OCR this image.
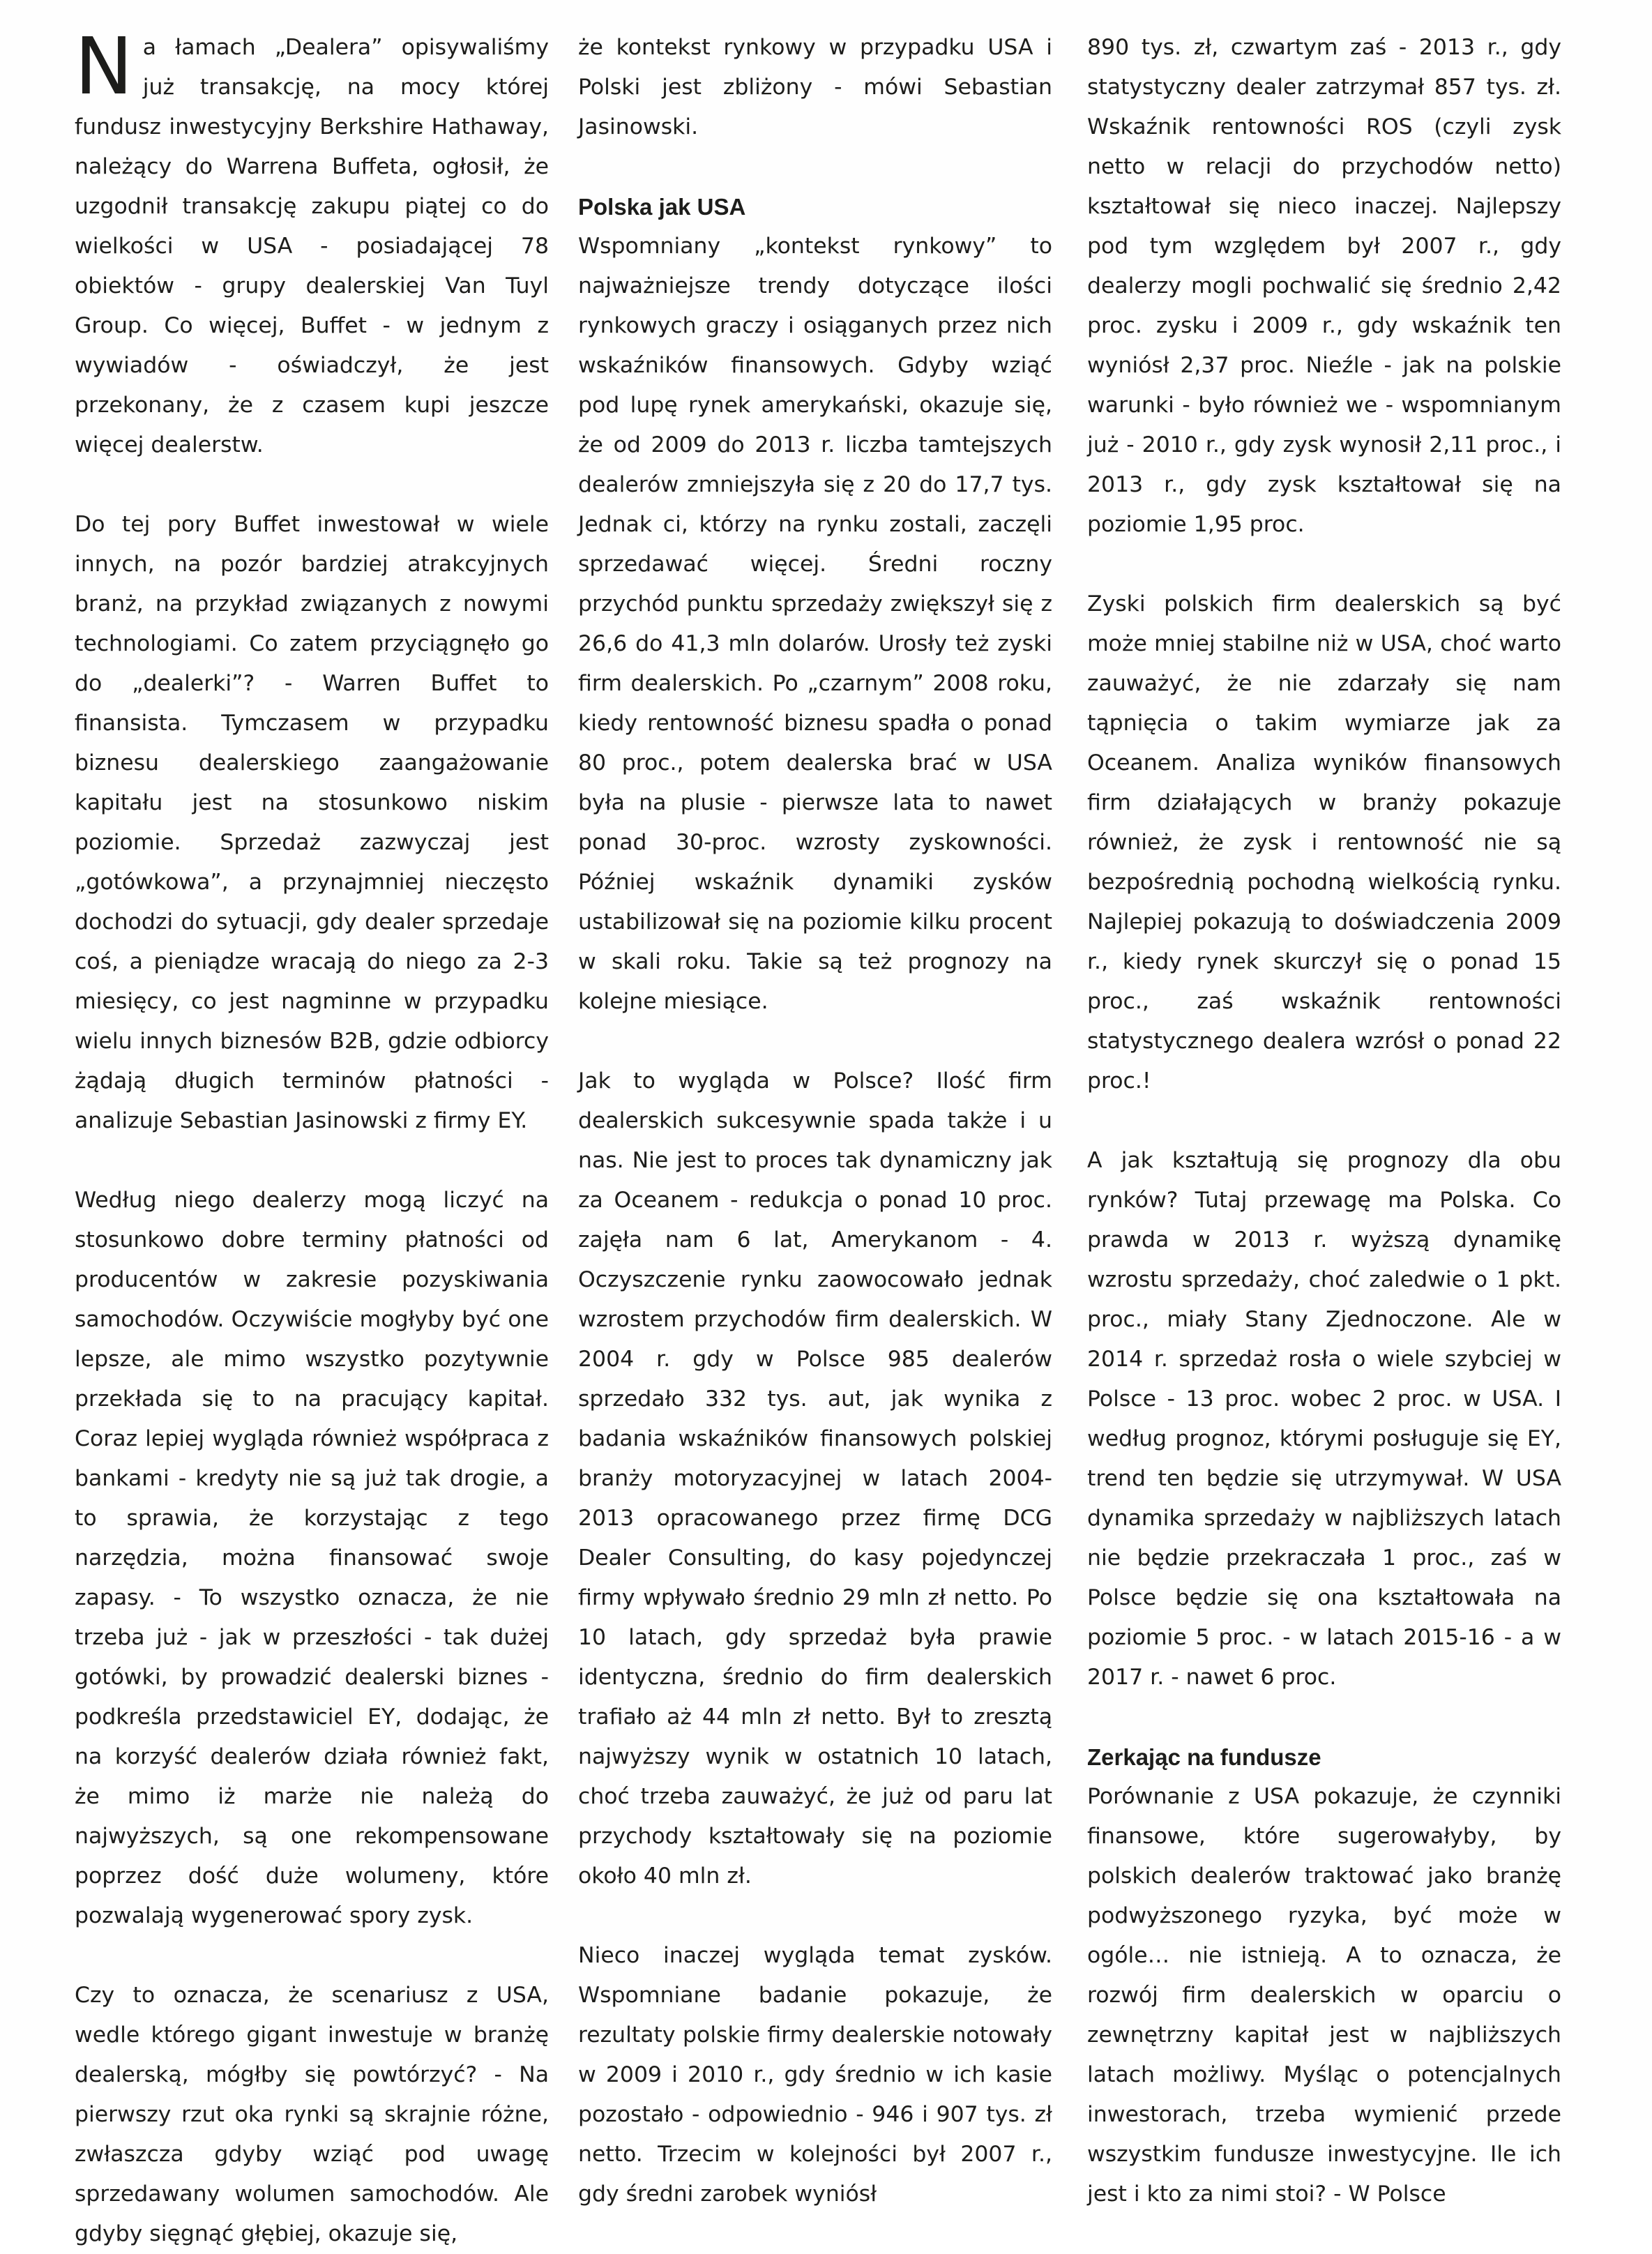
Na łamach „Dealera” opisywaliśmy już transakcję, na mocy której fundusz inwestycyjny Berkshire Hathaway, należący do Warrena Buffeta, ogłosił, że uzgodnił transakcję zakupu piątej co do wielkości w USA - posiadającej 78 obiektów - grupy dealerskiej Van Tuyl Group. Co więcej, Buffet - w jednym z wywiadów - oświadczył, że jest przekonany, że z czasem kupi jeszcze więcej dealerstw.

Do tej pory Buffet inwestował w wiele innych, na pozór bardziej atrakcyjnych branż, na przykład związanych z nowymi technologiami. Co zatem przyciągnęło go do „dealerki”? - Warren Buffet to finansista. Tymczasem w przypadku biznesu dealerskiego zaangażowanie kapitału jest na stosunkowo niskim poziomie. Sprzedaż zazwyczaj jest „gotówkowa”, a przynajmniej nieczęsto dochodzi do sytuacji, gdy dealer sprzedaje coś, a pieniądze wracają do niego za 2-3 miesięcy, co jest nagminne w przypadku wielu innych biznesów B2B, gdzie odbiorcy żądają długich terminów płatności - analizuje Sebastian Jasinowski z firmy EY.

Według niego dealerzy mogą liczyć na stosunkowo dobre terminy płatności od producentów w zakresie pozyskiwania samochodów. Oczywiście mogłyby być one lepsze, ale mimo wszystko pozytywnie przekłada się to na pracujący kapitał. Coraz lepiej wygląda również współpraca z bankami - kredyty nie są już tak drogie, a to sprawia, że korzystając z tego narzędzia, można finansować swoje zapasy. - To wszystko oznacza, że nie trzeba już - jak w przeszłości - tak dużej gotówki, by prowadzić dealerski biznes - podkreśla przedstawiciel EY, dodając, że na korzyść dealerów działa również fakt, że mimo iż marże nie należą do najwyższych, są one rekompensowane poprzez dość duże wolumeny, które pozwalają wygenerować spory zysk.

Czy to oznacza, że scenariusz z USA, wedle którego gigant inwestuje w branżę dealerską, mógłby się powtórzyć? - Na pierwszy rzut oka rynki są skrajnie różne, zwłaszcza gdyby wziąć pod uwagę sprzedawany wolumen samochodów. Ale gdyby sięgnąć głębiej, okazuje się,

że kontekst rynkowy w przypadku USA i Polski jest zbliżony - mówi Sebastian Jasinowski.

Polska jak USA

Wspomniany „kontekst rynkowy” to najważniejsze trendy dotyczące ilości rynkowych graczy i osiąganych przez nich wskaźników finansowych. Gdyby wziąć pod lupę rynek amerykański, okazuje się, że od 2009 do 2013 r. liczba tamtejszych dealerów zmniejszyła się z 20 do 17,7 tys. Jednak ci, którzy na rynku zostali, zaczęli sprzedawać więcej. Średni roczny przychód punktu sprzedaży zwiększył się z 26,6 do 41,3 mln dolarów. Urosły też zyski firm dealerskich. Po „czarnym” 2008 roku, kiedy rentowność biznesu spadła o ponad 80 proc., potem dealerska brać w USA była na plusie - pierwsze lata to nawet ponad 30-proc. wzrosty zyskowności. Później wskaźnik dynamiki zysków ustabilizował się na poziomie kilku procent w skali roku. Takie są też prognozy na kolejne miesiące.

Jak to wygląda w Polsce? Ilość firm dealerskich sukcesywnie spada także i u nas. Nie jest to proces tak dynamiczny jak za Oceanem - redukcja o ponad 10 proc. zajęła nam 6 lat, Amerykanom - 4. Oczyszczenie rynku zaowocowało jednak wzrostem przychodów firm dealerskich. W 2004 r. gdy w Polsce 985 dealerów sprzedało 332 tys. aut, jak wynika z badania wskaźników finansowych polskiej branży motoryzacyjnej w latach 2004-2013 opracowanego przez firmę DCG Dealer Consulting, do kasy pojedynczej firmy wpływało średnio 29 mln zł netto. Po 10 latach, gdy sprzedaż była prawie identyczna, średnio do firm dealerskich trafiało aż 44 mln zł netto. Był to zresztą najwyższy wynik w ostatnich 10 latach, choć trzeba zauważyć, że już od paru lat przychody kształtowały się na poziomie około 40 mln zł.

Nieco inaczej wygląda temat zysków. Wspomniane badanie pokazuje, że rezultaty polskie firmy dealerskie notowały w 2009 i 2010 r., gdy średnio w ich kasie pozostało - odpowiednio - 946 i 907 tys. zł netto. Trzecim w kolejności był 2007 r., gdy średni zarobek wyniósł

890 tys. zł, czwartym zaś - 2013 r., gdy statystyczny dealer zatrzymał 857 tys. zł. Wskaźnik rentowności ROS (czyli zysk netto w relacji do przychodów netto) kształtował się nieco inaczej. Najlepszy pod tym względem był 2007 r., gdy dealerzy mogli pochwalić się średnio 2,42 proc. zysku i 2009 r., gdy wskaźnik ten wyniósł 2,37 proc. Nieźle - jak na polskie warunki - było również we - wspomnianym już - 2010 r., gdy zysk wynosił 2,11 proc., i 2013 r., gdy zysk kształtował się na poziomie 1,95 proc.

Zyski polskich firm dealerskich są być może mniej stabilne niż w USA, choć warto zauważyć, że nie zdarzały się nam tąpnięcia o takim wymiarze jak za Oceanem. Analiza wyników finansowych firm działających w branży pokazuje również, że zysk i rentowność nie są bezpośrednią pochodną wielkością rynku. Najlepiej pokazują to doświadczenia 2009 r., kiedy rynek skurczył się o ponad 15 proc., zaś wskaźnik rentowności statystycznego dealera wzrósł o ponad 22 proc.!

A jak kształtują się prognozy dla obu rynków? Tutaj przewagę ma Polska. Co prawda w 2013 r. wyższą dynamikę wzrostu sprzedaży, choć zaledwie o 1 pkt. proc., miały Stany Zjednoczone. Ale w 2014 r. sprzedaż rosła o wiele szybciej w Polsce - 13 proc. wobec 2 proc. w USA. I według prognoz, którymi posługuje się EY, trend ten będzie się utrzymywał. W USA dynamika sprzedaży w najbliższych latach nie będzie przekraczała 1 proc., zaś w Polsce będzie się ona kształtowała na poziomie 5 proc. - w latach 2015-16 - a w 2017 r. - nawet 6 proc.

Zerkając na fundusze

Porównanie z USA pokazuje, że czynniki finansowe, które sugerowałyby, by polskich dealerów traktować jako branżę podwyższonego ryzyka, być może w ogóle… nie istnieją. A to oznacza, że rozwój firm dealerskich w oparciu o zewnętrzny kapitał jest w najbliższych latach możliwy. Myśląc o potencjalnych inwestorach, trzeba wymienić przede wszystkim fundusze inwestycyjne. Ile ich jest i kto za nimi stoi? - W Polsce
